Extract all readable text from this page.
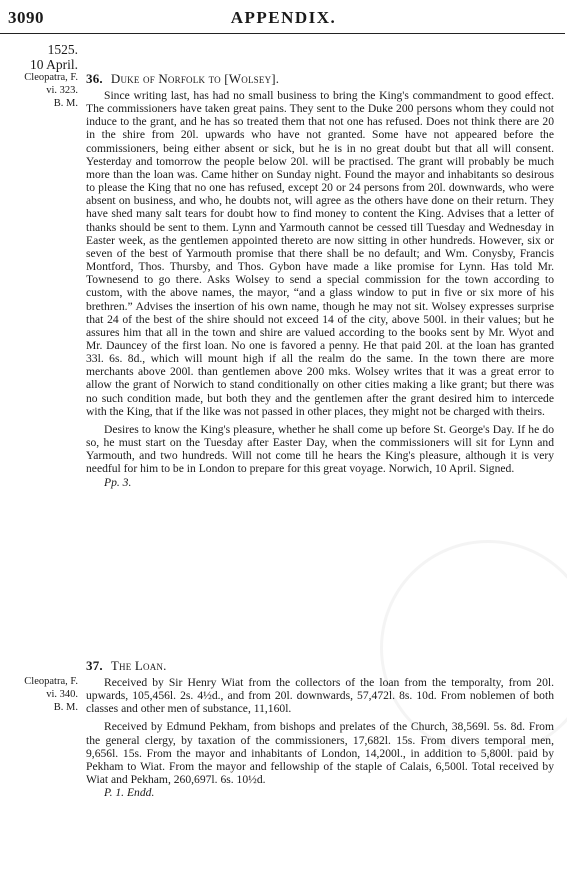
3090	APPENDIX.
1525.
10 April.
Cleopatra, F.
vi. 323.
B. M.

36. Duke of Norfolk to [Wolsey].

Since writing last, has had no small business to bring the King's commandment to good effect. The commissioners have taken great pains. They sent to the Duke 200 persons whom they could not induce to the grant, and he has so treated them that not one has refused. Does not think there are 20 in the shire from 20l. upwards who have not granted. Some have not appeared before the commissioners, being either absent or sick, but he is in no great doubt but that all will consent. Yesterday and tomorrow the people below 20l. will be practised. The grant will probably be much more than the loan was. Came hither on Sunday night. Found the mayor and inhabitants so desirous to please the King that no one has refused, except 20 or 24 persons from 20l. downwards, who were absent on business, and who, he doubts not, will agree as the others have done on their return. They have shed many salt tears for doubt how to find money to content the King. Advises that a letter of thanks should be sent to them. Lynn and Yarmouth cannot be cessed till Tuesday and Wednesday in Easter week, as the gentlemen appointed thereto are now sitting in other hundreds. However, six or seven of the best of Yarmouth promise that there shall be no default; and Wm. Conysby, Francis Montford, Thos. Thursby, and Thos. Gybon have made a like promise for Lynn. Has told Mr. Townesend to go there. Asks Wolsey to send a special commission for the town according to custom, with the above names, the mayor, “and a glass window to put in five or six more of his brethren.” Advises the insertion of his own name, though he may not sit. Wolsey expresses surprise that 24 of the best of the shire should not exceed 14 of the city, above 500l. in their values; but he assures him that all in the town and shire are valued according to the books sent by Mr. Wyot and Mr. Dauncey of the first loan. No one is favored a penny. He that paid 20l. at the loan has granted 33l. 6s. 8d., which will mount high if all the realm do the same. In the town there are more merchants above 200l. than gentlemen above 200 mks. Wolsey writes that it was a great error to allow the grant of Norwich to stand conditionally on other cities making a like grant; but there was no such condition made, but both they and the gentlemen after the grant desired him to intercede with the King, that if the like was not passed in other places, they might not be charged with theirs.

Desires to know the King's pleasure, whether he shall come up before St. George's Day. If he do so, he must start on the Tuesday after Easter Day, when the commissioners will sit for Lynn and Yarmouth, and two hundreds. Will not come till he hears the King's pleasure, although it is very needful for him to be in London to prepare for this great voyage. Norwich, 10 April. Signed.

Pp. 3.

Cleopatra, F.
vi. 340.
B. M.

37. The Loan.

Received by Sir Henry Wiat from the collectors of the loan from the temporalty, from 20l. upwards, 105,456l. 2s. 4½d., and from 20l. downwards, 57,472l. 8s. 10d. From noblemen of both classes and other men of substance, 11,160l.

Received by Edmund Pekham, from bishops and prelates of the Church, 38,569l. 5s. 8d. From the general clergy, by taxation of the commissioners, 17,682l. 15s. From divers temporal men, 9,656l. 15s. From the mayor and inhabitants of London, 14,200l., in addition to 5,800l. paid by Pekham to Wiat. From the mayor and fellowship of the staple of Calais, 6,500l. Total received by Wiat and Pekham, 260,697l. 6s. 10½d.

P. 1. Endd.
